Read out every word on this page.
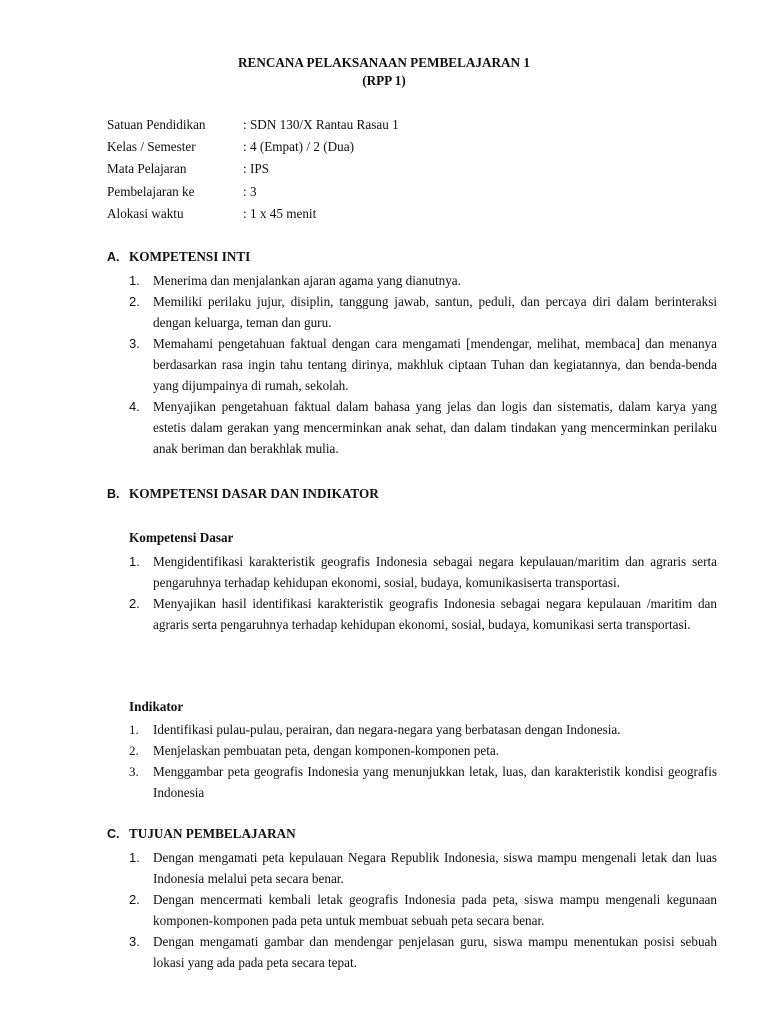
RENCANA PELAKSANAAN PEMBELAJARAN 1
(RPP 1)
Satuan Pendidikan	: SDN 130/X Rantau Rasau 1
Kelas / Semester	: 4 (Empat) / 2 (Dua)
Mata Pelajaran	: IPS
Pembelajaran ke	: 3
Alokasi waktu	: 1 x 45 menit
A. KOMPETENSI INTI
1. Menerima dan menjalankan ajaran agama yang dianutnya.
2. Memiliki perilaku jujur, disiplin, tanggung jawab, santun, peduli, dan percaya diri dalam berinteraksi dengan keluarga, teman dan guru.
3. Memahami pengetahuan faktual dengan cara mengamati [mendengar, melihat, membaca] dan menanya berdasarkan rasa ingin tahu tentang dirinya, makhluk ciptaan Tuhan dan kegiatannya, dan benda-benda yang dijumpainya di rumah, sekolah.
4. Menyajikan pengetahuan faktual dalam bahasa yang jelas dan logis dan sistematis, dalam karya yang estetis dalam gerakan yang mencerminkan anak sehat, dan dalam tindakan yang mencerminkan perilaku anak beriman dan berakhlak mulia.
B. KOMPETENSI DASAR DAN INDIKATOR
Kompetensi Dasar
1. Mengidentifikasi karakteristik geografis Indonesia sebagai negara kepulauan/maritim dan agraris serta pengaruhnya terhadap kehidupan ekonomi, sosial, budaya, komunikasiserta transportasi.
2. Menyajikan hasil identifikasi karakteristik geografis Indonesia sebagai negara kepulauan /maritim dan agraris serta pengaruhnya terhadap kehidupan ekonomi, sosial, budaya, komunikasi serta transportasi.
Indikator
1. Identifikasi pulau-pulau, perairan, dan negara-negara yang berbatasan dengan Indonesia.
2. Menjelaskan pembuatan peta, dengan komponen-komponen peta.
3. Menggambar peta geografis Indonesia yang menunjukkan letak, luas, dan karakteristik kondisi geografis Indonesia
C. TUJUAN PEMBELAJARAN
1. Dengan mengamati peta kepulauan Negara Republik Indonesia, siswa mampu mengenali letak dan luas Indonesia melalui peta secara benar.
2. Dengan mencermati kembali letak geografis Indonesia pada peta, siswa mampu mengenali kegunaan komponen-komponen pada peta untuk membuat sebuah peta secara benar.
3. Dengan mengamati gambar dan mendengar penjelasan guru, siswa mampu menentukan posisi sebuah lokasi yang ada pada peta secara tepat.
